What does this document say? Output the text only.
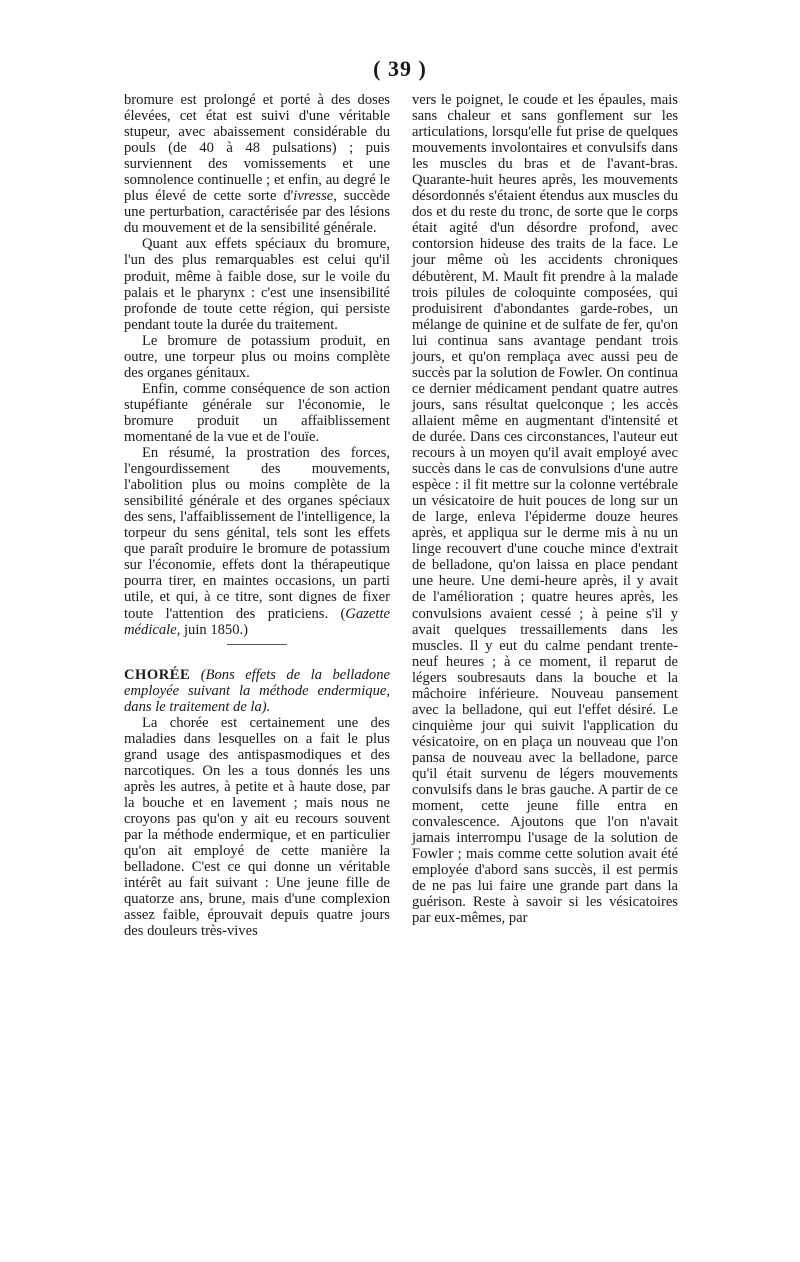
( 39 )

bromure est prolongé et porté à des doses élevées, cet état est suivi d'une véritable stupeur, avec abaissement considérable du pouls (de 40 à 48 pulsations) ; puis surviennent des vomissements et une somnolence continuelle ; et enfin, au degré le plus élevé de cette sorte d'ivresse, succède une perturbation, caractérisée par des lésions du mouvement et de la sensibilité générale.

Quant aux effets spéciaux du bromure, l'un des plus remarquables est celui qu'il produit, même à faible dose, sur le voile du palais et le pharynx : c'est une insensibilité profonde de toute cette région, qui persiste pendant toute la durée du traitement.

Le bromure de potassium produit, en outre, une torpeur plus ou moins complète des organes génitaux.

Enfin, comme conséquence de son action stupéfiante générale sur l'économie, le bromure produit un affaiblissement momentané de la vue et de l'ouïe.

En résumé, la prostration des forces, l'engourdissement des mouvements, l'abolition plus ou moins complète de la sensibilité générale et des organes spéciaux des sens, l'affaiblissement de l'intelligence, la torpeur du sens génital, tels sont les effets que paraît produire le bromure de potassium sur l'économie, effets dont la thérapeutique pourra tirer, en maintes occasions, un parti utile, et qui, à ce titre, sont dignes de fixer toute l'attention des praticiens. (Gazette médicale, juin 1850.)

CHORÉE (Bons effets de la belladone employée suivant la méthode endermique, dans le traitement de la).

La chorée est certainement une des maladies dans lesquelles on a fait le plus grand usage des antispasmodiques et des narcotiques. On les a tous donnés les uns après les autres, à petite et à haute dose, par la bouche et en lavement ; mais nous ne croyons pas qu'on y ait eu recours souvent par la méthode endermique, et en particulier qu'on ait employé de cette manière la belladone. C'est ce qui donne un véritable intérêt au fait suivant : Une jeune fille de quatorze ans, brune, mais d'une complexion assez faible, éprouvait depuis quatre jours des douleurs très-vives

vers le poignet, le coude et les épaules, mais sans chaleur et sans gonflement sur les articulations, lorsqu'elle fut prise de quelques mouvements involontaires et convulsifs dans les muscles du bras et de l'avant-bras. Quarante-huit heures après, les mouvements désordonnés s'étaient étendus aux muscles du dos et du reste du tronc, de sorte que le corps était agité d'un désordre profond, avec contorsion hideuse des traits de la face. Le jour même où les accidents chroniques débutèrent, M. Mault fit prendre à la malade trois pilules de coloquinte composées, qui produisirent d'abondantes garde-robes, un mélange de quinine et de sulfate de fer, qu'on lui continua sans avantage pendant trois jours, et qu'on remplaça avec aussi peu de succès par la solution de Fowler. On continua ce dernier médicament pendant quatre autres jours, sans résultat quelconque ; les accès allaient même en augmentant d'intensité et de durée. Dans ces circonstances, l'auteur eut recours à un moyen qu'il avait employé avec succès dans le cas de convulsions d'une autre espèce : il fit mettre sur la colonne vertébrale un vésicatoire de huit pouces de long sur un de large, enleva l'épiderme douze heures après, et appliqua sur le derme mis à nu un linge recouvert d'une couche mince d'extrait de belladone, qu'on laissa en place pendant une heure. Une demi-heure après, il y avait de l'amélioration ; quatre heures après, les convulsions avaient cessé ; à peine s'il y avait quelques tressaillements dans les muscles. Il y eut du calme pendant trente-neuf heures ; à ce moment, il reparut de légers soubresauts dans la bouche et la mâchoire inférieure. Nouveau pansement avec la belladone, qui eut l'effet désiré. Le cinquième jour qui suivit l'application du vésicatoire, on en plaça un nouveau que l'on pansa de nouveau avec la belladone, parce qu'il était survenu de légers mouvements convulsifs dans le bras gauche. A partir de ce moment, cette jeune fille entra en convalescence. Ajoutons que l'on n'avait jamais interrompu l'usage de la solution de Fowler ; mais comme cette solution avait été employée d'abord sans succès, il est permis de ne pas lui faire une grande part dans la guérison. Reste à savoir si les vésicatoires par eux-mêmes, par
